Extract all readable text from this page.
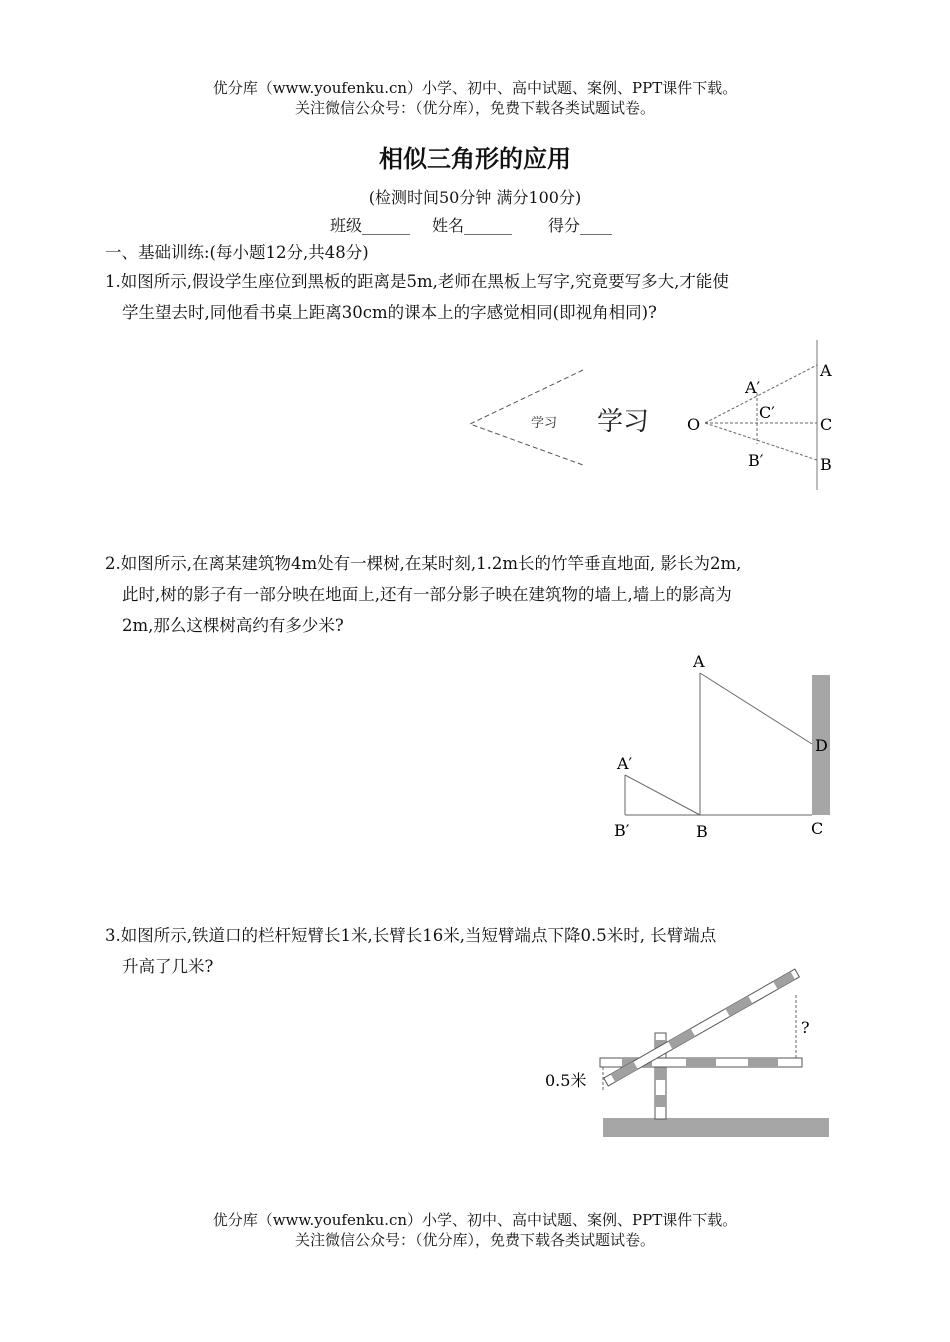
优分库（www.youfenku.cn）小学、初中、高中试题、案例、PPT课件下载。
关注微信公众号：（优分库），免费下载各类试题试卷。
相似三角形的应用
(检测时间50分钟 满分100分)
班级______ 姓名______ 得分____
一、基础训练:(每小题12分,共48分)
1.如图所示,假设学生座位到黑板的距离是5m,老师在黑板上写字,究竟要写多大,才能使
学生望去时,同他看书桌上距离30cm的课本上的字感觉相同(即视角相同)?
学习 学习 O
A′
C′
B′
A
C
B
2.如图所示,在离某建筑物4m处有一棵树,在某时刻,1.2m长的竹竿垂直地面, 影长为2m,
此时,树的影子有一部分映在地面上,还有一部分影子映在建筑物的墙上,墙上的影高为
2m,那么这棵树高约有多少米?
A
D
A′
B′	B	C
3.如图所示,铁道口的栏杆短臂长1米,长臂长16米,当短臂端点下降0.5米时, 长臂端点
升高了几米?
0.5米
?
优分库（www.youfenku.cn）小学、初中、高中试题、案例、PPT课件下载。
关注微信公众号：（优分库），免费下载各类试题试卷。
